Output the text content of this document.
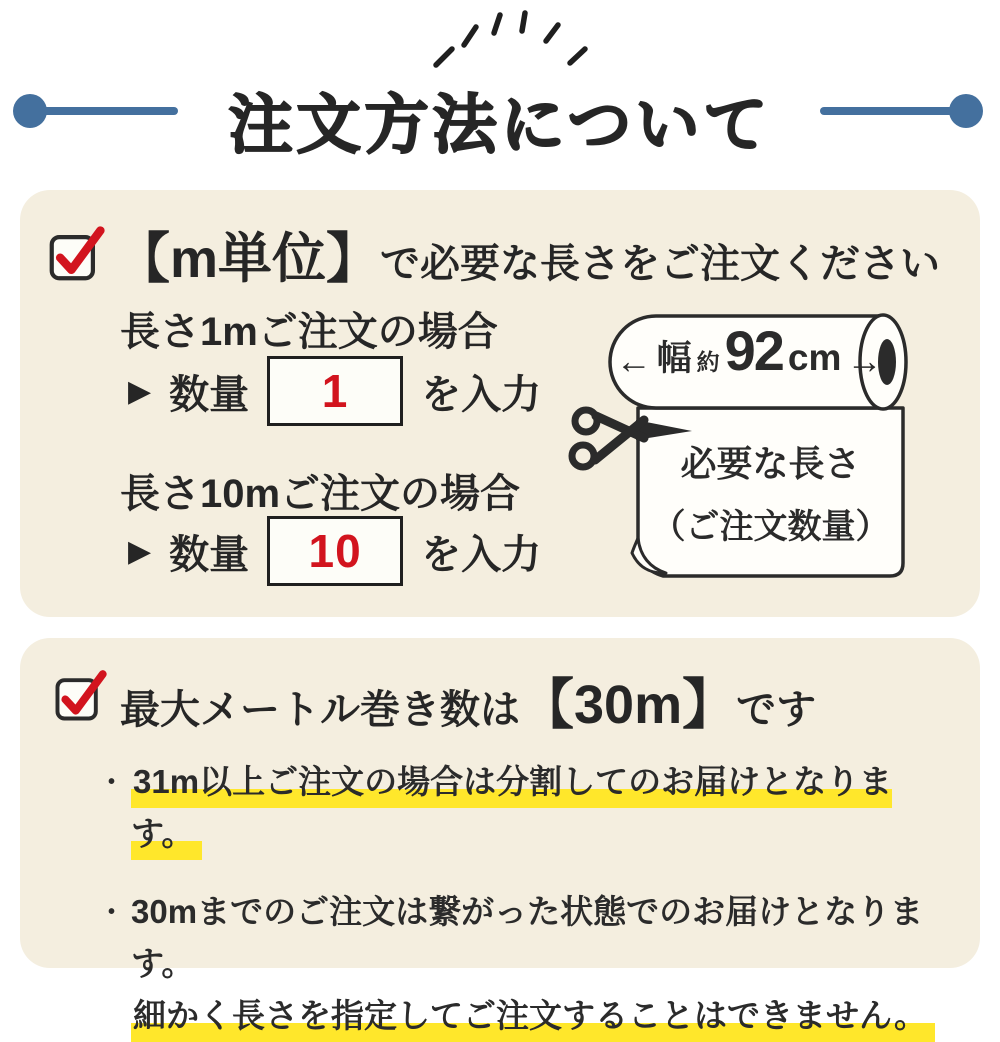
注文方法について
【m単位】で必要な長さをご注文ください
長さ1mご注文の場合
▶ 数量 1 を入力
長さ10mご注文の場合
▶ 数量 10 を入力
← 幅 約 92 cm →
必要な長さ
（ご注文数量）
最大メートル巻き数は【30m】です
• 31m以上ご注文の場合は分割してのお届けとなります。
• 30mまでのご注文は繋がった状態でのお届けとなります。
細かく長さを指定してご注文することはできません。
